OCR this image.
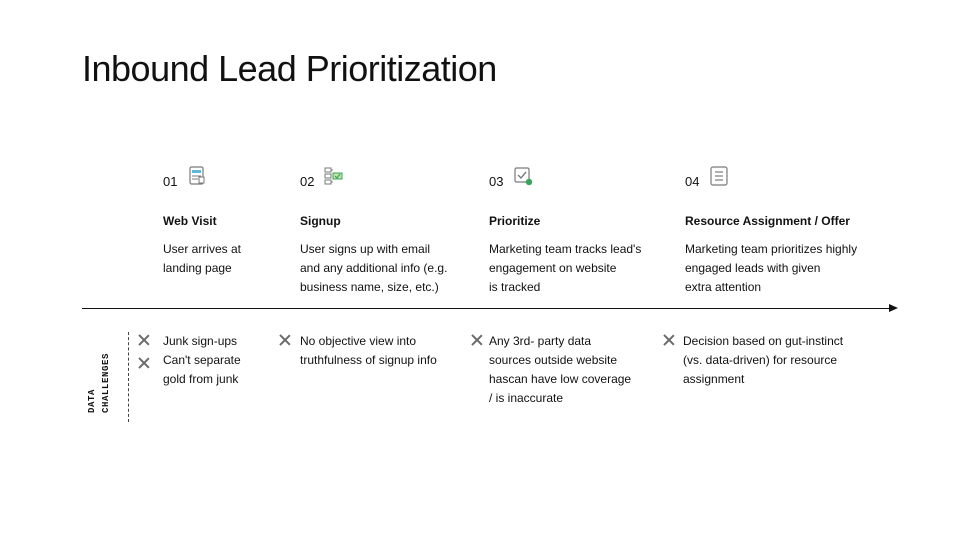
Inbound Lead Prioritization
01
Web Visit
User arrives at
landing page
02
Signup
User signs up with email
and any additional info (e.g.
business name, size, etc.)
03
Prioritize
Marketing team tracks lead's
engagement on website
is tracked
04
Resource Assignment / Offer
Marketing team prioritizes highly
engaged leads with given
extra attention
DATA CHALLENGES
Junk sign-ups
Can't separate
gold from junk
No objective view into
truthfulness of signup info
Any 3rd- party data
sources outside website
hascan have low coverage
/ is inaccurate
Decision based on gut-instinct
(vs. data-driven) for resource
assignment
